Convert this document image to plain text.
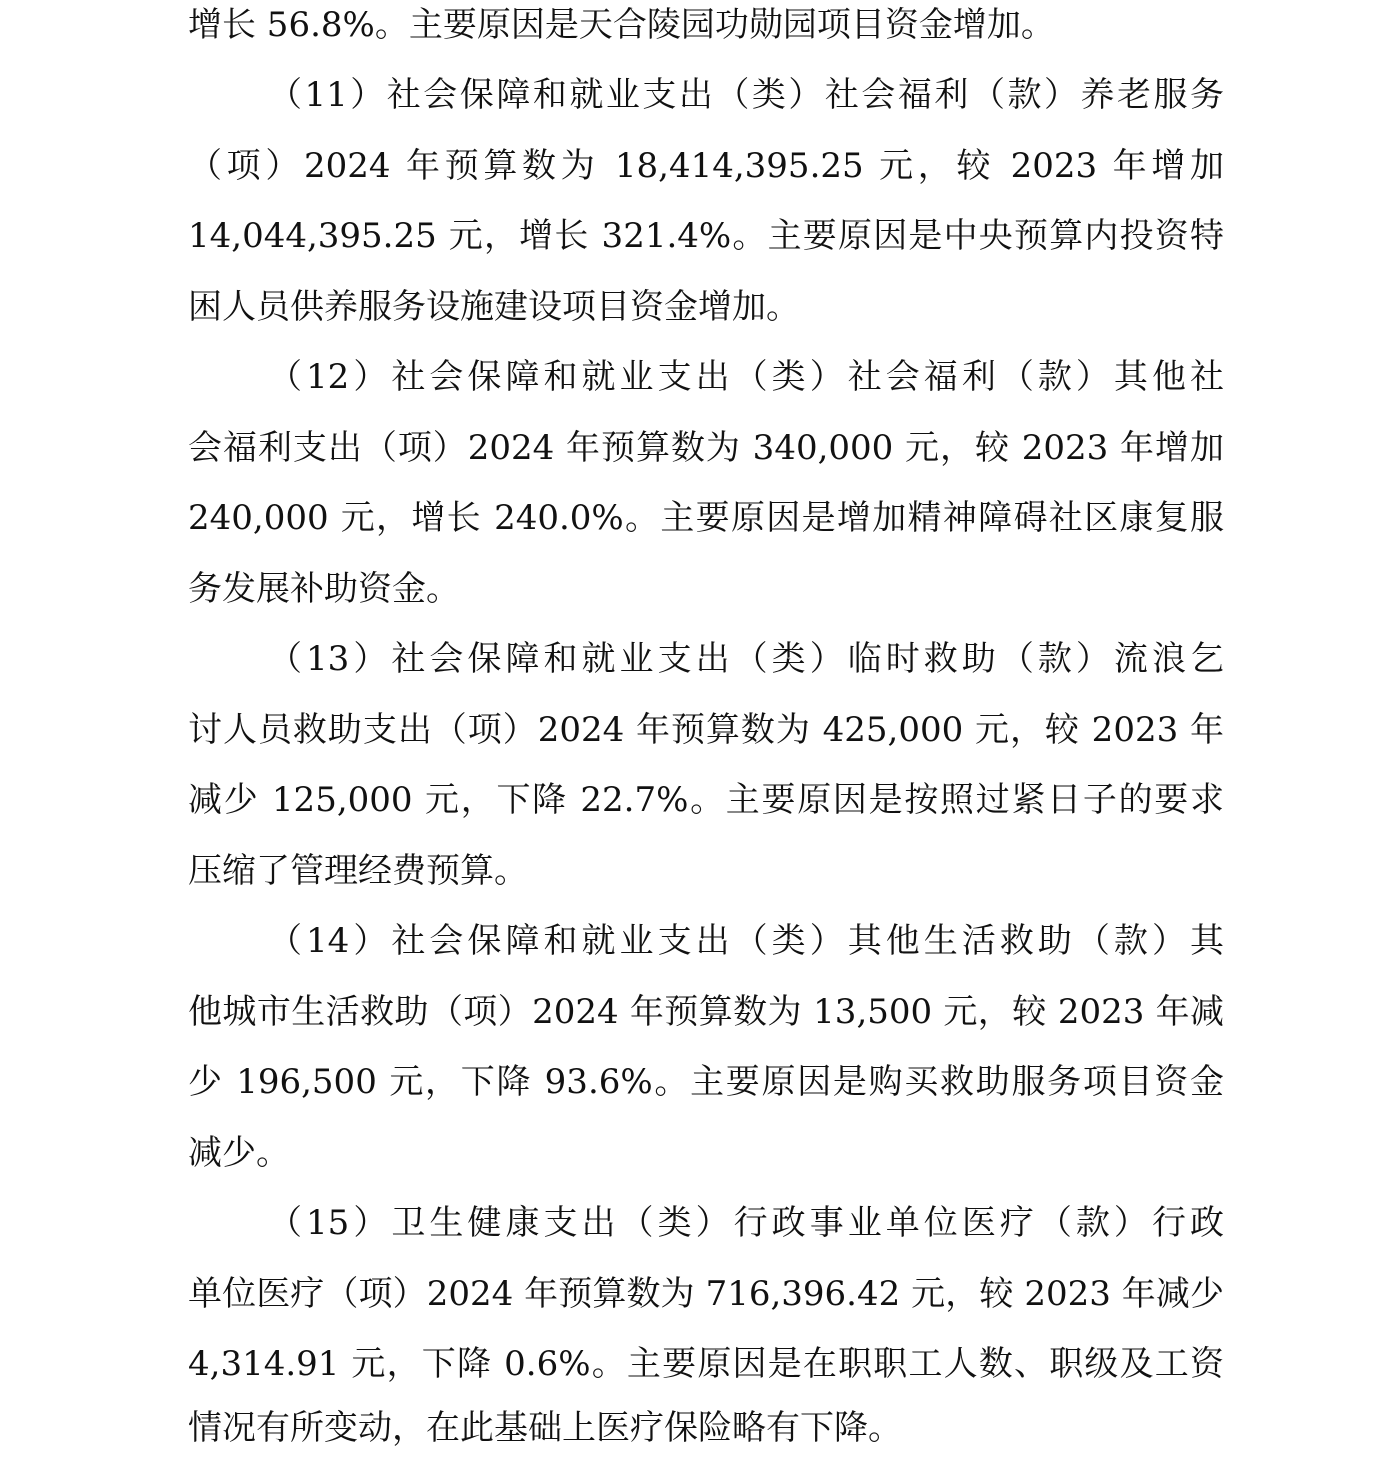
增长 56.8%。主要原因是天合陵园功勋园项目资金增加。
（11）社会保障和就业支出（类）社会福利（款）养老服务
（项）2024 年预算数为 18,414,395.25 元，较 2023 年增加
14,044,395.25 元，增长 321.4%。主要原因是中央预算内投资特
困人员供养服务设施建设项目资金增加。
（12）社会保障和就业支出（类）社会福利（款）其他社
会福利支出（项）2024 年预算数为 340,000 元，较 2023 年增加
240,000 元，增长 240.0%。主要原因是增加精神障碍社区康复服
务发展补助资金。
（13）社会保障和就业支出（类）临时救助（款）流浪乞
讨人员救助支出（项）2024 年预算数为 425,000 元，较 2023 年
减少 125,000 元，下降 22.7%。主要原因是按照过紧日子的要求
压缩了管理经费预算。
（14）社会保障和就业支出（类）其他生活救助（款）其
他城市生活救助（项）2024 年预算数为 13,500 元，较 2023 年减
少 196,500 元，下降 93.6%。主要原因是购买救助服务项目资金
减少。
（15）卫生健康支出（类）行政事业单位医疗（款）行政
单位医疗（项）2024 年预算数为 716,396.42 元，较 2023 年减少
4,314.91 元，下降 0.6%。主要原因是在职职工人数、职级及工资
情况有所变动，在此基础上医疗保险略有下降。
